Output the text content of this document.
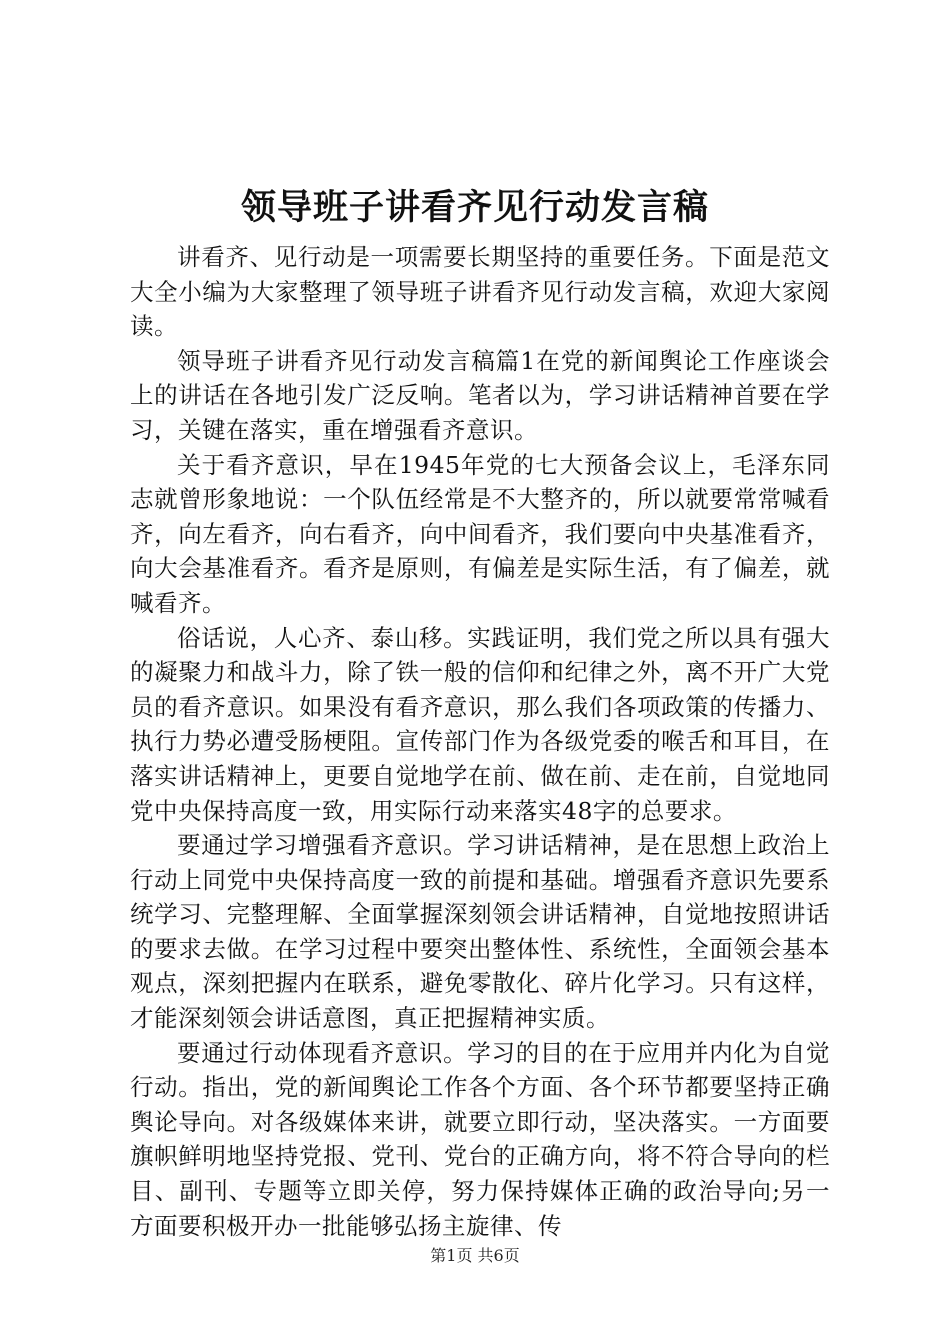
领导班子讲看齐见行动发言稿

讲看齐、见行动是一项需要长期坚持的重要任务。下面是范文大全小编为大家整理了领导班子讲看齐见行动发言稿，欢迎大家阅读。

领导班子讲看齐见行动发言稿篇1在党的新闻舆论工作座谈会上的讲话在各地引发广泛反响。笔者以为，学习讲话精神首要在学习，关键在落实，重在增强看齐意识。

关于看齐意识，早在1945年党的七大预备会议上，毛泽东同志就曾形象地说：一个队伍经常是不大整齐的，所以就要常常喊看齐，向左看齐，向右看齐，向中间看齐，我们要向中央基准看齐，向大会基准看齐。看齐是原则，有偏差是实际生活，有了偏差，就喊看齐。

俗话说，人心齐、泰山移。实践证明，我们党之所以具有强大的凝聚力和战斗力，除了铁一般的信仰和纪律之外，离不开广大党员的看齐意识。如果没有看齐意识，那么我们各项政策的传播力、执行力势必遭受肠梗阻。宣传部门作为各级党委的喉舌和耳目，在落实讲话精神上，更要自觉地学在前、做在前、走在前，自觉地同党中央保持高度一致，用实际行动来落实48字的总要求。

要通过学习增强看齐意识。学习讲话精神，是在思想上政治上行动上同党中央保持高度一致的前提和基础。增强看齐意识先要系统学习、完整理解、全面掌握深刻领会讲话精神，自觉地按照讲话的要求去做。在学习过程中要突出整体性、系统性，全面领会基本观点，深刻把握内在联系，避免零散化、碎片化学习。只有这样，才能深刻领会讲话意图，真正把握精神实质。

要通过行动体现看齐意识。学习的目的在于应用并内化为自觉行动。指出，党的新闻舆论工作各个方面、各个环节都要坚持正确舆论导向。对各级媒体来讲，就要立即行动，坚决落实。一方面要旗帜鲜明地坚持党报、党刊、党台的正确方向，将不符合导向的栏目、副刊、专题等立即关停，努力保持媒体正确的政治导向;另一方面要积极开办一批能够弘扬主旋律、传

第1页 共6页
